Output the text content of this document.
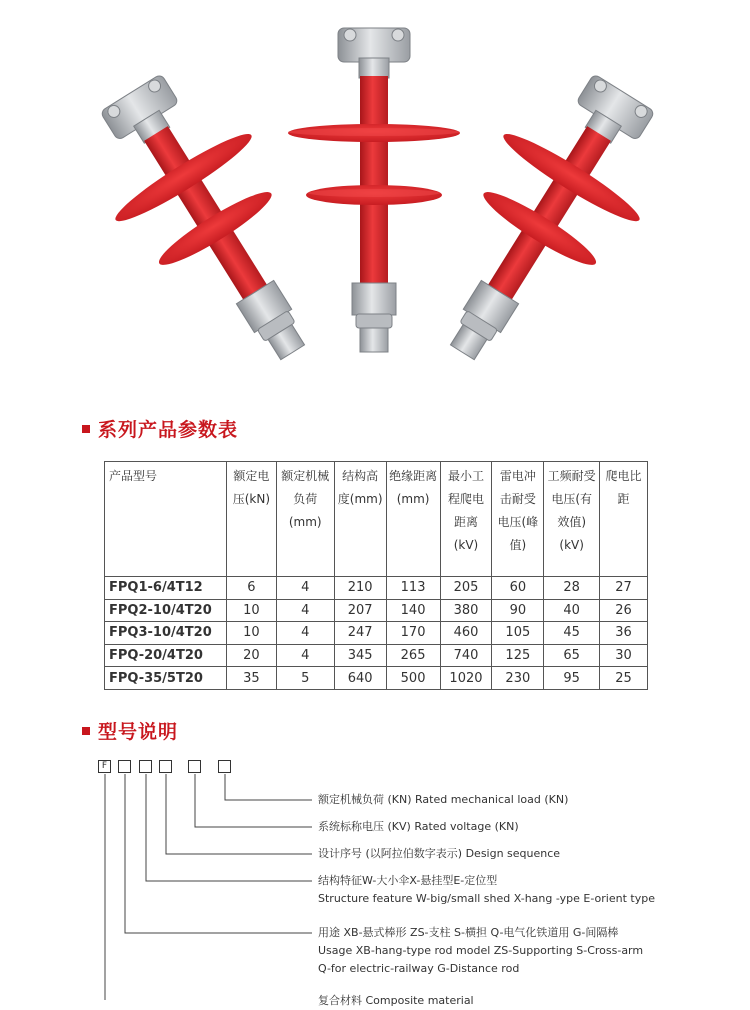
系列产品参数表
产品型号	额定电压(kN)	额定机械负荷(mm)	结构高度(mm)	绝缘距离(mm)	最小工程爬电距离(kV)	雷电冲击耐受电压(峰值)	工频耐受电压(有效值)(kV)	爬电比距
FPQ1-6/4T12	6	4	210	113	205	60	28	27
FPQ2-10/4T20	10	4	207	140	380	90	40	26
FPQ3-10/4T20	10	4	247	170	460	105	45	36
FPQ-20/4T20	20	4	345	265	740	125	65	30
FPQ-35/5T20	35	5	640	500	1020	230	95	25
型号说明
F
额定机械负荷 (KN) Rated mechanical load (KN)
系统标称电压 (KV) Rated voltage (KN)
设计序号 (以阿拉伯数字表示) Design sequence
结构特征W-大小伞X-悬挂型E-定位型
Structure feature W-big/small shed X-hang -ype E-orient type
用途 XB-悬式棒形 ZS-支柱 S-横担 Q-电气化铁道用 G-间隔棒
Usage XB-hang-type rod model ZS-Supporting S-Cross-arm
Q-for electric-railway G-Distance rod
复合材料 Composite material
